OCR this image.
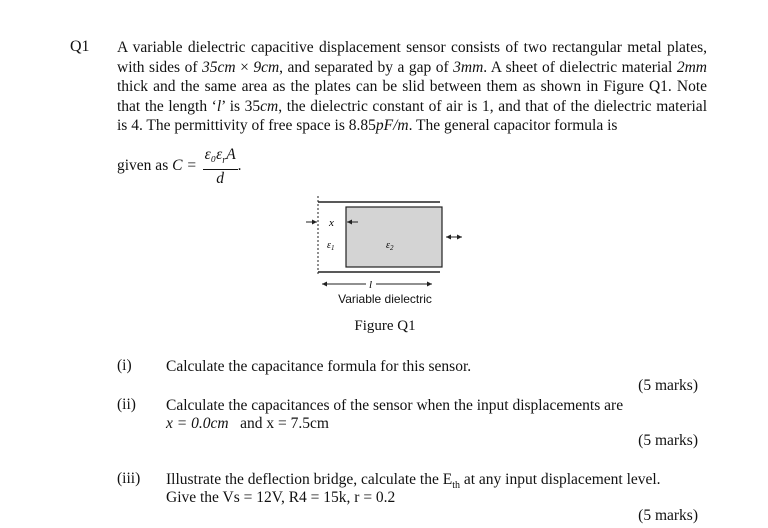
Q1 A variable dielectric capacitive displacement sensor consists of two rectangular metal plates, with sides of 35cm × 9cm, and separated by a gap of 3mm. A sheet of dielectric material 2mm thick and the same area as the plates can be slid between them as shown in Figure Q1. Note that the length ‘l’ is 35cm, the dielectric constant of air is 1, and that of the dielectric material is 4. The permittivity of free space is 8.85pF/m. The general capacitor formula is
given as $C = \frac{\varepsilon_0\varepsilon_rA}{d}$ .
x
$\varepsilon_1$	$\varepsilon_2$
l
Variable dielectric
Figure Q1
(i) Calculate the capacitance formula for this sensor.
(5 marks)
(ii) Calculate the capacitances of the sensor when the input displacements are
x = 0.0cm and x = 7.5cm
(5 marks)
(iii) Illustrate the deflection bridge, calculate the $E_{th}$ at any input displacement level.
Give the Vs = 12V, R4 = 15k, r = 0.2
(5 marks)
